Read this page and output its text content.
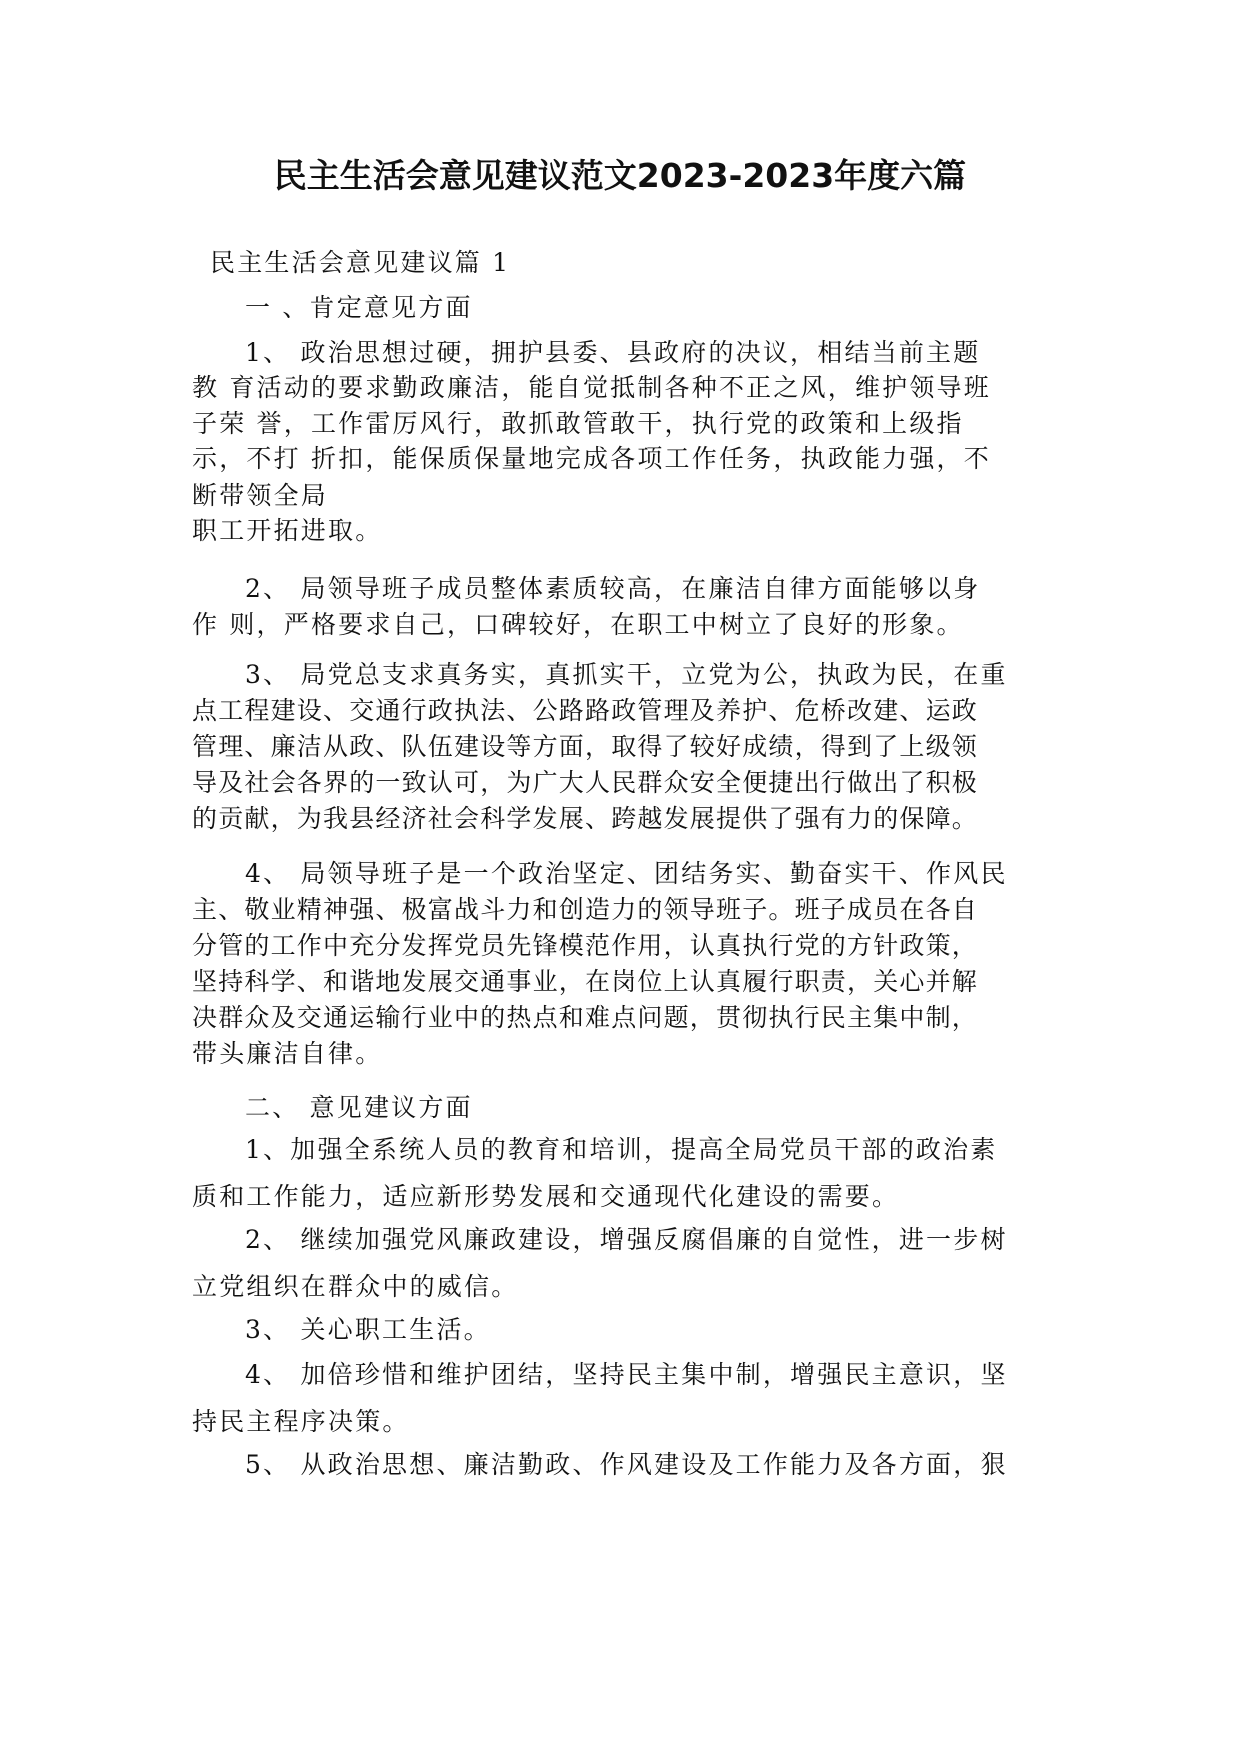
民主生活会意见建议范文2023-2023年度六篇
民主生活会意见建议篇 1
一 、肯定意见方面
1、 政治思想过硬，拥护县委、县政府的决议，相结当前主题
教 育活动的要求勤政廉洁，能自觉抵制各种不正之风，维护领导班
子荣 誉，工作雷厉风行，敢抓敢管敢干，执行党的政策和上级指
示，不打 折扣，能保质保量地完成各项工作任务，执政能力强，不
断带领全局
职工开拓进取。
2、 局领导班子成员整体素质较高，在廉洁自律方面能够以身
作 则，严格要求自己，口碑较好，在职工中树立了良好的形象。
3、 局党总支求真务实，真抓实干，立党为公，执政为民，在重
点工程建设、交通行政执法、公路路政管理及养护、危桥改建、运政
管理、廉洁从政、队伍建设等方面，取得了较好成绩，得到了上级领
导及社会各界的一致认可，为广大人民群众安全便捷出行做出了积极
的贡献，为我县经济社会科学发展、跨越发展提供了强有力的保障。
4、 局领导班子是一个政治坚定、团结务实、勤奋实干、作风民
主、敬业精神强、极富战斗力和创造力的领导班子。班子成员在各自
分管的工作中充分发挥党员先锋模范作用，认真执行党的方针政策，
坚持科学、和谐地发展交通事业，在岗位上认真履行职责，关心并解
决群众及交通运输行业中的热点和难点问题，贯彻执行民主集中制，
带头廉洁自律。
二、 意见建议方面
1、加强全系统人员的教育和培训，提高全局党员干部的政治素
质和工作能力，适应新形势发展和交通现代化建设的需要。
2、 继续加强党风廉政建设，增强反腐倡廉的自觉性，进一步树
立党组织在群众中的威信。
3、 关心职工生活。
4、 加倍珍惜和维护团结，坚持民主集中制，增强民主意识，坚
持民主程序决策。
5、 从政治思想、廉洁勤政、作风建设及工作能力及各方面，狠
